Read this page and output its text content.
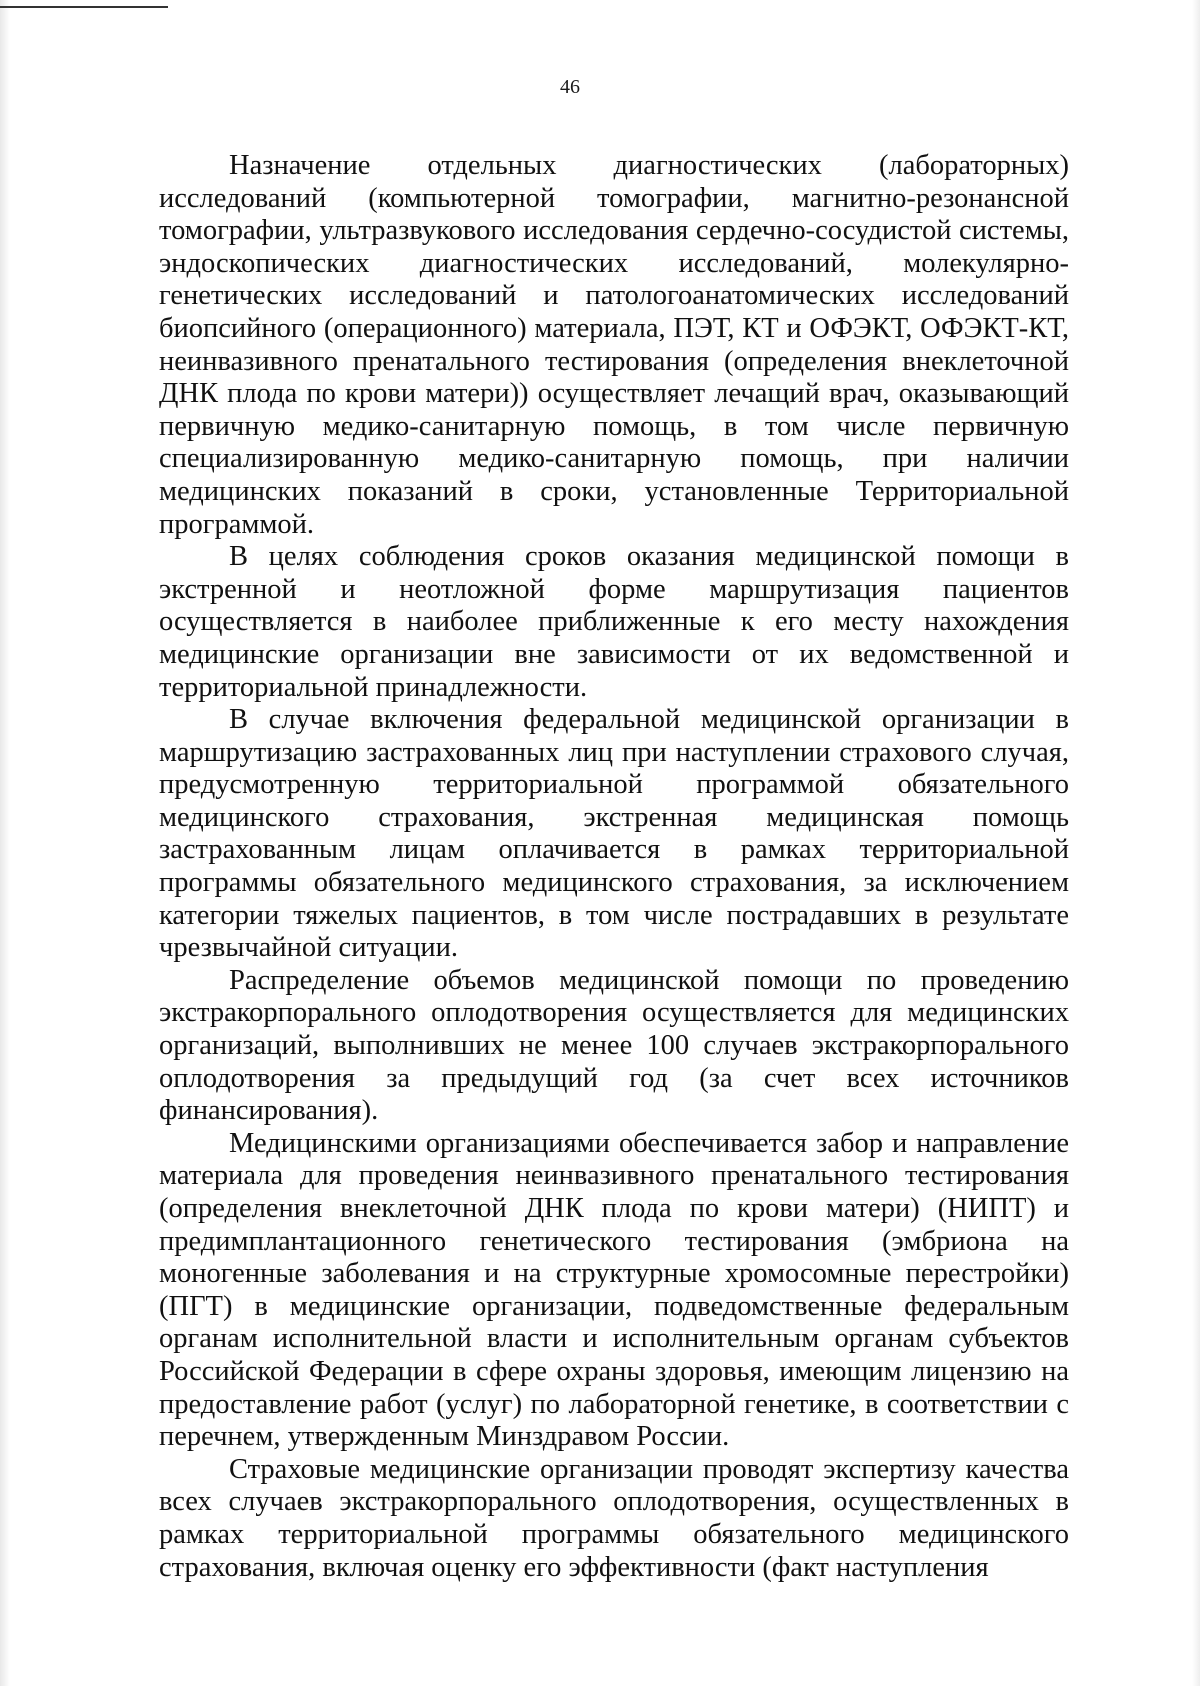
46

Назначение отдельных диагностических (лабораторных) исследований (компьютерной томографии, магнитно-резонансной томографии, ультразвукового исследования сердечно-сосудистой системы, эндоскопических диагностических исследований, молекулярно-генетических исследований и патологоанатомических исследований биопсийного (операционного) материала, ПЭТ, КТ и ОФЭКТ, ОФЭКТ-КТ, неинвазивного пренатального тестирования (определения внеклеточной ДНК плода по крови матери)) осуществляет лечащий врач, оказывающий первичную медико-санитарную помощь, в том числе первичную специализированную медико-санитарную помощь, при наличии медицинских показаний в сроки, установленные Территориальной программой.

В целях соблюдения сроков оказания медицинской помощи в экстренной и неотложной форме маршрутизация пациентов осуществляется в наиболее приближенные к его месту нахождения медицинские организации вне зависимости от их ведомственной и территориальной принадлежности.

В случае включения федеральной медицинской организации в маршрутизацию застрахованных лиц при наступлении страхового случая, предусмотренную территориальной программой обязательного медицинского страхования, экстренная медицинская помощь застрахованным лицам оплачивается в рамках территориальной программы обязательного медицинского страхования, за исключением категории тяжелых пациентов, в том числе пострадавших в результате чрезвычайной ситуации.

Распределение объемов медицинской помощи по проведению экстракорпорального оплодотворения осуществляется для медицинских организаций, выполнивших не менее 100 случаев экстракорпорального оплодотворения за предыдущий год (за счет всех источников финансирования).

Медицинскими организациями обеспечивается забор и направление материала для проведения неинвазивного пренатального тестирования (определения внеклеточной ДНК плода по крови матери) (НИПТ) и предимплантационного генетического тестирования (эмбриона на моногенные заболевания и на структурные хромосомные перестройки) (ПГТ) в медицинские организации, подведомственные федеральным органам исполнительной власти и исполнительным органам субъектов Российской Федерации в сфере охраны здоровья, имеющим лицензию на предоставление работ (услуг) по лабораторной генетике, в соответствии с перечнем, утвержденным Минздравом России.

Страховые медицинские организации проводят экспертизу качества всех случаев экстракорпорального оплодотворения, осуществленных в рамках территориальной программы обязательного медицинского страхования, включая оценку его эффективности (факт наступления
